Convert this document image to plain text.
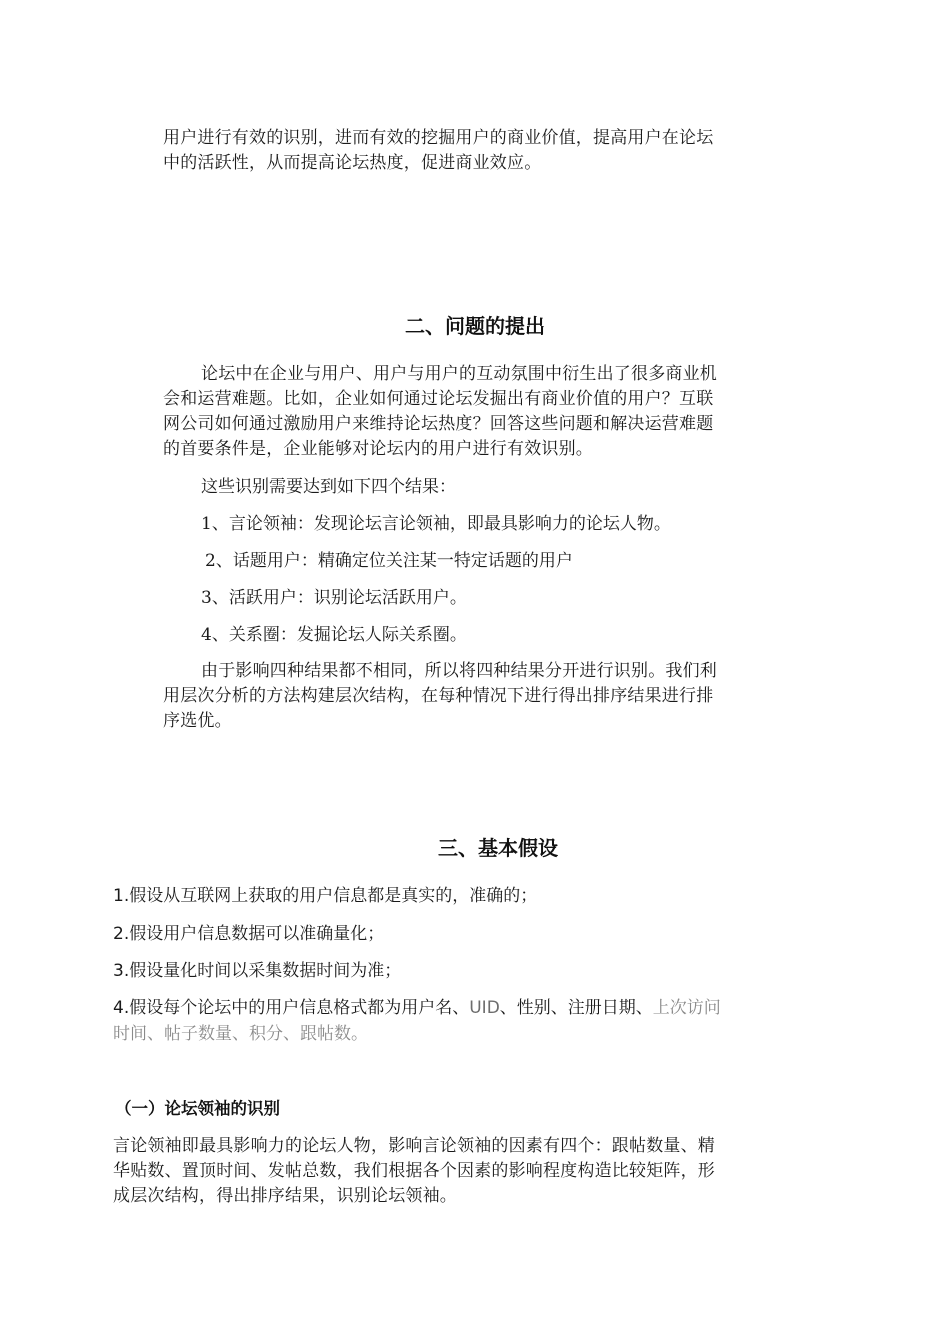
用户进行有效的识别，进而有效的挖掘用户的商业价值，提高用户在论坛

中的活跃性，从而提高论坛热度，促进商业效应。

二、问题的提出

论坛中在企业与用户、用户与用户的互动氛围中衍生出了很多商业机

会和运营难题。比如，企业如何通过论坛发掘出有商业价值的用户？互联

网公司如何通过激励用户来维持论坛热度？回答这些问题和解决运营难题

的首要条件是，企业能够对论坛内的用户进行有效识别。

这些识别需要达到如下四个结果：
1、言论领袖：发现论坛言论领袖，即最具影响力的论坛人物。
2、话题用户：精确定位关注某一特定话题的用户
3、活跃用户：识别论坛活跃用户。
4、关系圈：发掘论坛人际关系圈。

由于影响四种结果都不相同，所以将四种结果分开进行识别。我们利

用层次分析的方法构建层次结构，在每种情况下进行得出排序结果进行排

序选优。

三、基本假设
1.假设从互联网上获取的用户信息都是真实的，准确的；
2.假设用户信息数据可以准确量化；
3.假设量化时间以采集数据时间为准；
4.假设每个论坛中的用户信息格式都为用户名、UID、性别、注册日期、上次访问
时间、帖子数量、积分、跟帖数。
（一）论坛领袖的识别

言论领袖即最具影响力的论坛人物，影响言论领袖的因素有四个：跟帖数量、精

华贴数、置顶时间、发帖总数，我们根据各个因素的影响程度构造比较矩阵，形

成层次结构，得出排序结果，识别论坛领袖。
